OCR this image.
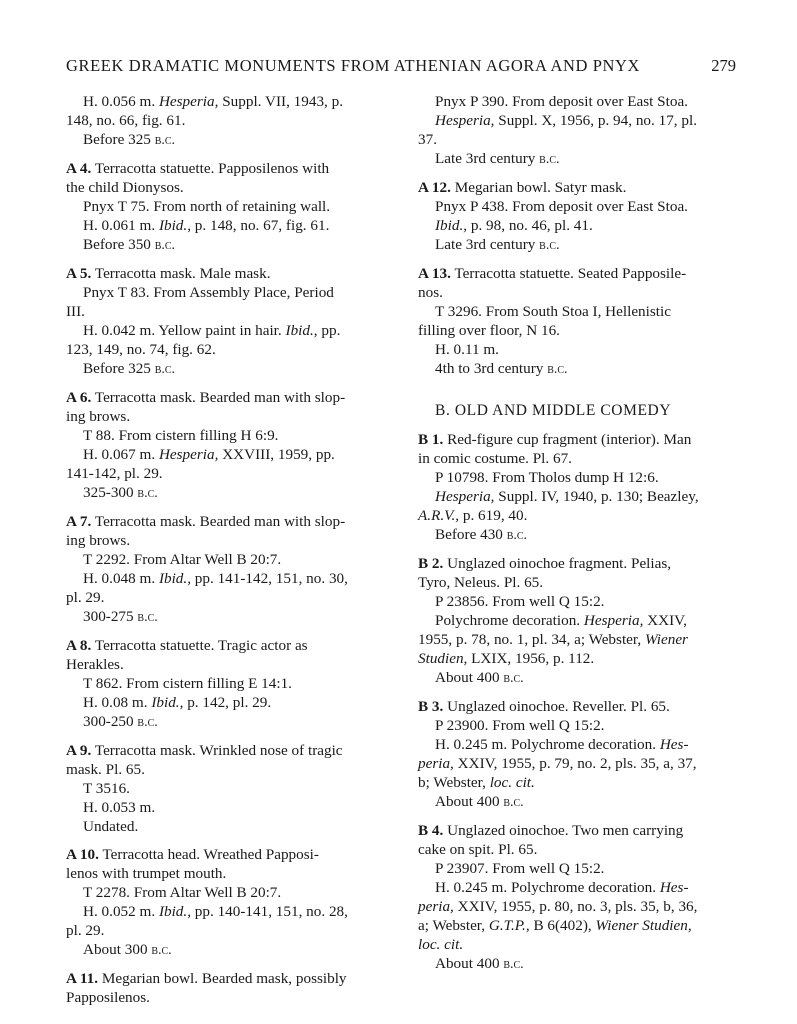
GREEK DRAMATIC MONUMENTS FROM ATHENIAN AGORA AND PNYX	279
H. 0.056 m. Hesperia, Suppl. VII, 1943, p.
148, no. 66, fig. 61.
Before 325 b.c.
A 4. Terracotta statuette. Papposilenos with
the child Dionysos.
Pnyx T 75. From north of retaining wall.
H. 0.061 m. Ibid., p. 148, no. 67, fig. 61.
Before 350 b.c.
A 5. Terracotta mask. Male mask.
Pnyx T 83. From Assembly Place, Period
III.
H. 0.042 m. Yellow paint in hair. Ibid., pp.
123, 149, no. 74, fig. 62.
Before 325 b.c.
A 6. Terracotta mask. Bearded man with slop-
ing brows.
T 88. From cistern filling H 6:9.
H. 0.067 m. Hesperia, XXVIII, 1959, pp.
141-142, pl. 29.
325-300 b.c.
A 7. Terracotta mask. Bearded man with slop-
ing brows.
T 2292. From Altar Well B 20:7.
H. 0.048 m. Ibid., pp. 141-142, 151, no. 30,
pl. 29.
300-275 b.c.
A 8. Terracotta statuette. Tragic actor as
Herakles.
T 862. From cistern filling E 14:1.
H. 0.08 m. Ibid., p. 142, pl. 29.
300-250 b.c.
A 9. Terracotta mask. Wrinkled nose of tragic
mask. Pl. 65.
T 3516.
H. 0.053 m.
Undated.
A 10. Terracotta head. Wreathed Papposi-
lenos with trumpet mouth.
T 2278. From Altar Well B 20:7.
H. 0.052 m. Ibid., pp. 140-141, 151, no. 28,
pl. 29.
About 300 b.c.
A 11. Megarian bowl. Bearded mask, possibly
Papposilenos.
Pnyx P 390. From deposit over East Stoa.
Hesperia, Suppl. X, 1956, p. 94, no. 17, pl.
37.
Late 3rd century b.c.
A 12. Megarian bowl. Satyr mask.
Pnyx P 438. From deposit over East Stoa.
Ibid., p. 98, no. 46, pl. 41.
Late 3rd century b.c.
A 13. Terracotta statuette. Seated Papposile-
nos.
T 3296. From South Stoa I, Hellenistic
filling over floor, N 16.
H. 0.11 m.
4th to 3rd century b.c.
B. OLD AND MIDDLE COMEDY
B 1. Red-figure cup fragment (interior). Man
in comic costume. Pl. 67.
P 10798. From Tholos dump H 12:6.
Hesperia, Suppl. IV, 1940, p. 130; Beazley,
A.R.V., p. 619, 40.
Before 430 b.c.
B 2. Unglazed oinochoe fragment. Pelias,
Tyro, Neleus. Pl. 65.
P 23856. From well Q 15:2.
Polychrome decoration. Hesperia, XXIV,
1955, p. 78, no. 1, pl. 34, a; Webster, Wiener
Studien, LXIX, 1956, p. 112.
About 400 b.c.
B 3. Unglazed oinochoe. Reveller. Pl. 65.
P 23900. From well Q 15:2.
H. 0.245 m. Polychrome decoration. Hes-
peria, XXIV, 1955, p. 79, no. 2, pls. 35, a, 37,
b; Webster, loc. cit.
About 400 b.c.
B 4. Unglazed oinochoe. Two men carrying
cake on spit. Pl. 65.
P 23907. From well Q 15:2.
H. 0.245 m. Polychrome decoration. Hes-
peria, XXIV, 1955, p. 80, no. 3, pls. 35, b, 36,
a; Webster, G.T.P., B 6(402), Wiener Studien,
loc. cit.
About 400 b.c.
